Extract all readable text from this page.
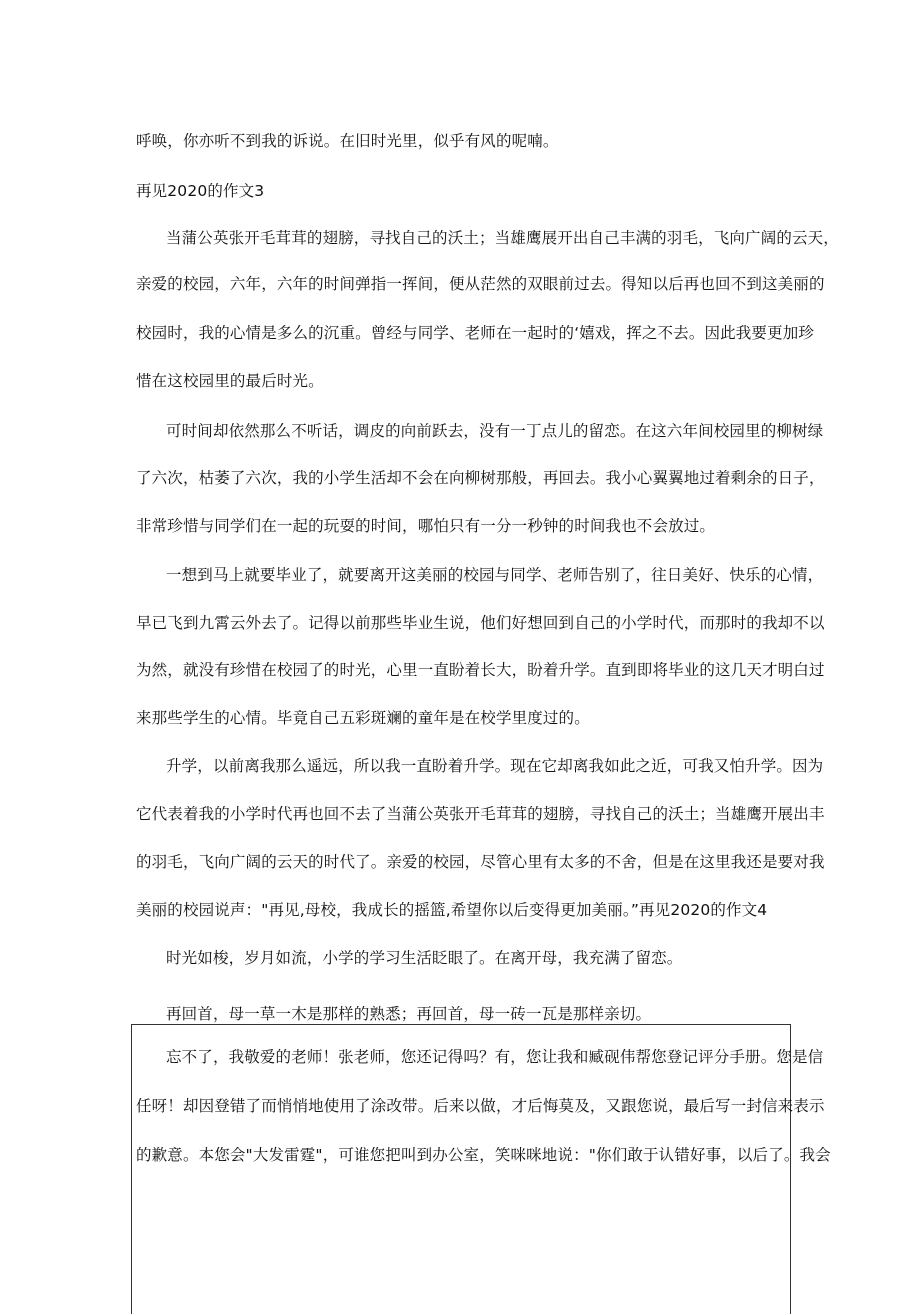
呼唤，你亦听不到我的诉说。在旧时光里，似乎有风的呢喃。
再见2020的作文3
当蒲公英张开毛茸茸的翅膀，寻找自己的沃土；当雄鹰展开出自己丰满的羽毛，飞向广阔的云天，
亲爱的校园，六年，六年的时间弹指一挥间，便从茫然的双眼前过去。得知以后再也回不到这美丽的
校园时，我的心情是多么的沉重。曾经与同学、老师在一起时的‘嬉戏，挥之不去。因此我要更加珍
惜在这校园里的最后时光。
可时间却依然那么不听话，调皮的向前跃去，没有一丁点儿的留恋。在这六年间校园里的柳树绿
了六次，枯萎了六次，我的小学生活却不会在向柳树那般，再回去。我小心翼翼地过着剩余的日子，
非常珍惜与同学们在一起的玩耍的时间，哪怕只有一分一秒钟的时间我也不会放过。
一想到马上就要毕业了，就要离开这美丽的校园与同学、老师告别了，往日美好、快乐的心情，
早已飞到九霄云外去了。记得以前那些毕业生说，他们好想回到自己的小学时代，而那时的我却不以
为然，就没有珍惜在校园了的时光，心里一直盼着长大，盼着升学。直到即将毕业的这几天才明白过
来那些学生的心情。毕竟自己五彩斑斓的童年是在校学里度过的。
升学，以前离我那么遥远，所以我一直盼着升学。现在它却离我如此之近，可我又怕升学。因为
它代表着我的小学时代再也回不去了当蒲公英张开毛茸茸的翅膀，寻找自己的沃土；当雄鹰开展出丰
的羽毛，飞向广阔的云天的时代了。亲爱的校园，尽管心里有太多的不舍，但是在这里我还是要对我
美丽的校园说声："再见,母校，我成长的摇篮,希望你以后变得更加美丽。”再见2020的作文4
时光如梭，岁月如流，小学的学习生活眨眼了。在离开母，我充满了留恋。
再回首，母一草一木是那样的熟悉；再回首，母一砖一瓦是那样亲切。
忘不了，我敬爱的老师！张老师，您还记得吗？有，您让我和臧砚伟帮您登记评分手册。您是信
任呀！却因登错了而悄悄地使用了涂改带。后来以做，才后悔莫及，又跟您说，最后写一封信来表示
的歉意。本您会"大发雷霆"，可谁您把叫到办公室，笑咪咪地说："你们敢于认错好事，以后了。我会
